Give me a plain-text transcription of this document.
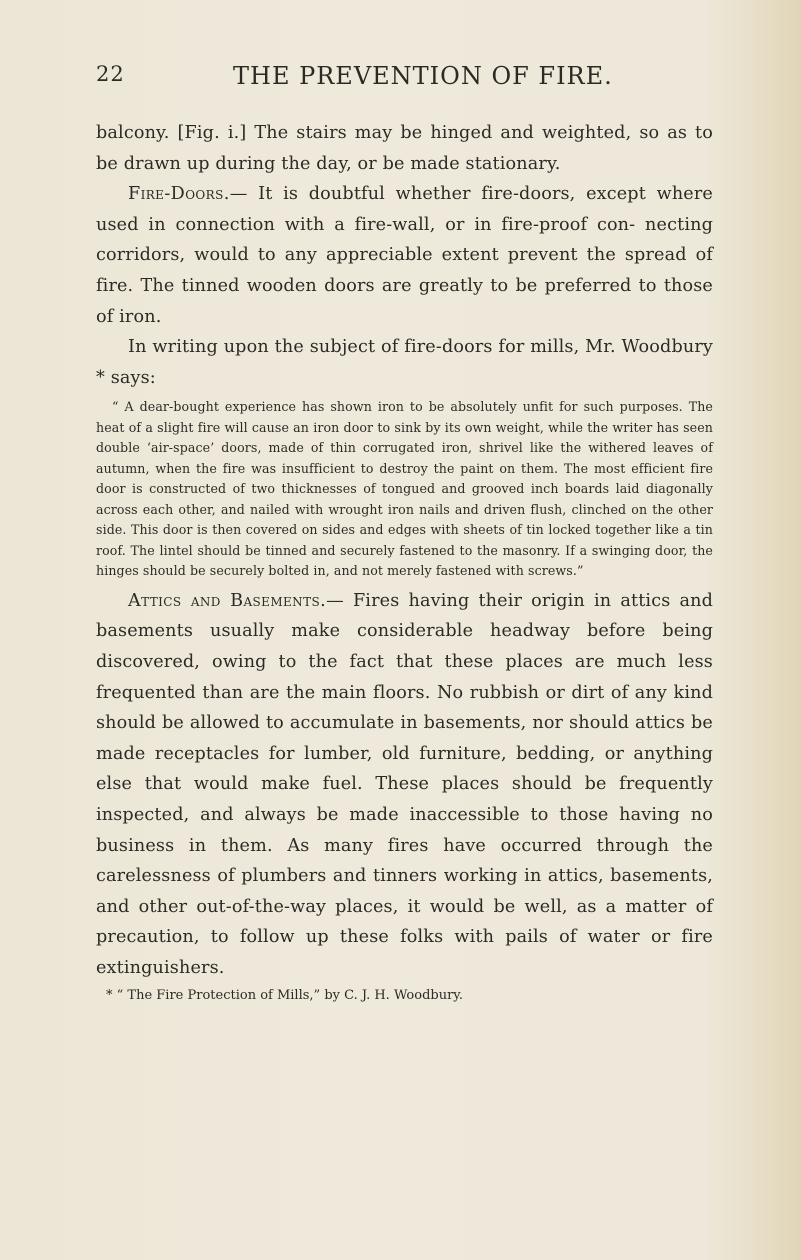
22	THE PREVENTION OF FIRE.

balcony. [Fig. i.] The stairs may be hinged and weighted, so as to be drawn up during the day, or be made stationary.

Fire-Doors.— It is doubtful whether fire-doors, except where used in connection with a fire-wall, or in fire-proof con- necting corridors, would to any appreciable extent prevent the spread of fire. The tinned wooden doors are greatly to be preferred to those of iron.

In writing upon the subject of fire-doors for mills, Mr. Woodbury * says:

“ A dear-bought experience has shown iron to be absolutely unfit for such purposes. The heat of a slight fire will cause an iron door to sink by its own weight, while the writer has seen double ‘air-space’ doors, made of thin corrugated iron, shrivel like the withered leaves of autumn, when the fire was insufficient to destroy the paint on them. The most efficient fire door is constructed of two thicknesses of tongued and grooved inch boards laid diagonally across each other, and nailed with wrought iron nails and driven flush, clinched on the other side. This door is then covered on sides and edges with sheets of tin locked together like a tin roof. The lintel should be tinned and securely fastened to the masonry. If a swinging door, the hinges should be securely bolted in, and not merely fastened with screws.”

Attics and Basements.— Fires having their origin in attics and basements usually make considerable headway before being discovered, owing to the fact that these places are much less frequented than are the main floors. No rubbish or dirt of any kind should be allowed to accumulate in basements, nor should attics be made receptacles for lumber, old furniture, bedding, or anything else that would make fuel. These places should be frequently inspected, and always be made inaccessible to those having no business in them. As many fires have occurred through the carelessness of plumbers and tinners working in attics, basements, and other out-of-the-way places, it would be well, as a matter of precaution, to follow up these folks with pails of water or fire extinguishers.

* “ The Fire Protection of Mills,” by C. J. H. Woodbury.
